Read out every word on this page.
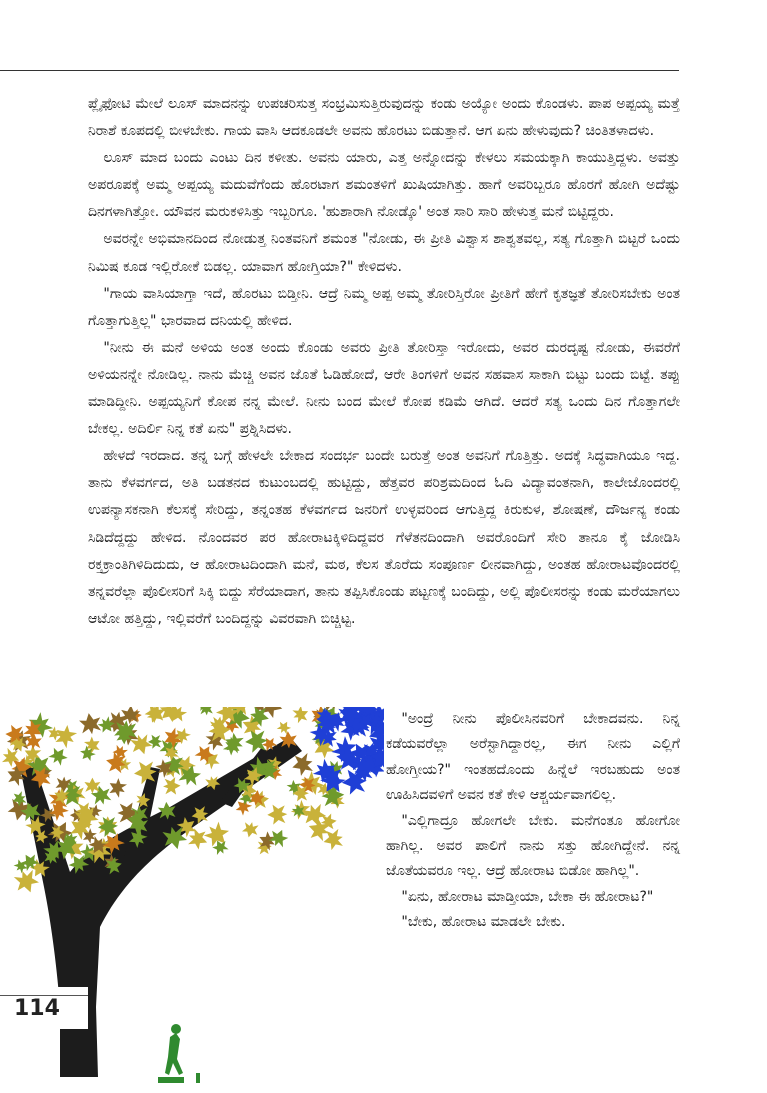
ಪ್ಲೈಫೋಟಿ ಮೇಲೆ ಲೂಸ್ ಮಾದನನ್ನು ಉಪಚರಿಸುತ್ತ ಸಂಭ್ರಮಿಸುತ್ತಿರುವುದನ್ನು ಕಂಡು ಅಯ್ಯೋ ಅಂದು ಕೊಂಡಳು. ಪಾಪ ಅಪ್ಪಯ್ಯ ಮತ್ತೆ ನಿರಾಶೆ ಕೂಪದಲ್ಲಿ ಬೀಳಬೇಕು. ಗಾಯ ವಾಸಿ ಆದಕೂಡಲೇ ಅವನು ಹೊರಟು ಬಿಡುತ್ತಾನೆ. ಆಗ ಏನು ಹೇಳುವುದು? ಚಿಂತಿತಳಾದಳು.

ಲೂಸ್ ಮಾದ ಬಂದು ಎಂಟು ದಿನ ಕಳೀತು. ಅವನು ಯಾರು, ಎತ್ತ ಅನ್ನೋದನ್ನು ಕೇಳಲು ಸಮಯಕ್ಕಾಗಿ ಕಾಯುತ್ತಿದ್ದಳು. ಅವತ್ತು ಅಪರೂಪಕ್ಕೆ ಅಮ್ಮ ಅಪ್ಪಯ್ಯ ಮದುವೆಗೆಂದು ಹೊರಟಾಗ ಶಮಂತಳಿಗೆ ಖುಷಿಯಾಗಿತ್ತು. ಹಾಗೆ ಅವರಿಬ್ಬರೂ ಹೊರಗೆ ಹೋಗಿ ಅದೆಷ್ಟು ದಿನಗಳಾಗಿತ್ತೋ. ಯೌವನ ಮರುಕಳಿಸಿತ್ತು ಇಬ್ಬರಿಗೂ. 'ಹುಶಾರಾಗಿ ನೋಡ್ಕೊ' ಅಂತ ಸಾರಿ ಸಾರಿ ಹೇಳುತ್ತ ಮನೆ ಬಿಟ್ಟಿದ್ದರು.

ಅವರನ್ನೇ ಅಭಿಮಾನದಿಂದ ನೋಡುತ್ತ ನಿಂತವನಿಗೆ ಶಮಂತ "ನೋಡು, ಈ ಪ್ರೀತಿ ವಿಶ್ವಾಸ ಶಾಶ್ವತವಲ್ಲ, ಸತ್ಯ ಗೊತ್ತಾಗಿ ಬಿಟ್ಟರೆ ಒಂದು ನಿಮಿಷ ಕೂಡ ಇಲ್ಲಿರೋಕೆ ಬಿಡಲ್ಲ. ಯಾವಾಗ ಹೋಗ್ತಿಯಾ?" ಕೇಳಿದಳು.

"ಗಾಯ ವಾಸಿಯಾಗ್ತಾ ಇದೆ, ಹೊರಟು ಬಿಡ್ತೀನಿ. ಆದ್ರೆ ನಿಮ್ಮ ಅಪ್ಪ ಅಮ್ಮ ತೋರಿಸ್ತಿರೋ ಪ್ರೀತಿಗೆ ಹೇಗೆ ಕೃತಜ್ಞತೆ ತೋರಿಸಬೇಕು ಅಂತ ಗೊತ್ತಾಗುತ್ತಿಲ್ಲ" ಭಾರವಾದ ದನಿಯಲ್ಲಿ ಹೇಳಿದ.

"ನೀನು ಈ ಮನೆ ಅಳಿಯ ಅಂತ ಅಂದು ಕೊಂಡು ಅವರು ಪ್ರೀತಿ ತೋರಿಸ್ತಾ ಇರೋದು, ಅವರ ದುರದೃಷ್ಟ ನೋಡು, ಈವರೆಗೆ ಅಳಿಯನನ್ನೇ ನೋಡಿಲ್ಲ. ನಾನು ಮೆಚ್ಚಿ ಅವನ ಜೊತೆ ಓಡಿಹೋದೆ, ಆರೇ ತಿಂಗಳಿಗೆ ಅವನ ಸಹವಾಸ ಸಾಕಾಗಿ ಬಿಟ್ಟು ಬಂದು ಬಿಟ್ಟೆ. ತಪ್ಪು ಮಾಡಿದ್ದೀನಿ. ಅಪ್ಪಯ್ಯನಿಗೆ ಕೋಪ ನನ್ನ ಮೇಲೆ. ನೀನು ಬಂದ ಮೇಲೆ ಕೋಪ ಕಡಿಮೆ ಆಗಿದೆ. ಆದರೆ ಸತ್ಯ ಒಂದು ದಿನ ಗೊತ್ತಾಗಲೇ ಬೇಕಲ್ಲ. ಅದಿರ್ಲಿ ನಿನ್ನ ಕತೆ ಏನು" ಪ್ರಶ್ನಿಸಿದಳು.

ಹೇಳದೆ ಇರದಾದ. ತನ್ನ ಬಗ್ಗೆ ಹೇಳಲೇ ಬೇಕಾದ ಸಂದರ್ಭ ಬಂದೇ ಬರುತ್ತೆ ಅಂತ ಅವನಿಗೆ ಗೊತ್ತಿತ್ತು. ಅದಕ್ಕೆ ಸಿದ್ಧವಾಗಿಯೂ ಇದ್ದ. ತಾನು ಕೆಳವರ್ಗದ, ಅತಿ ಬಡತನದ ಕುಟುಂಬದಲ್ಲಿ ಹುಟ್ಟಿದ್ದು, ಹೆತ್ತವರ ಪರಿಶ್ರಮದಿಂದ ಓದಿ ವಿದ್ಯಾವಂತನಾಗಿ, ಕಾಲೇಜೊಂದರಲ್ಲಿ ಉಪನ್ಯಾಸಕನಾಗಿ ಕೆಲಸಕ್ಕೆ ಸೇರಿದ್ದು, ತನ್ನಂತಹ ಕೆಳವರ್ಗದ ಜನರಿಗೆ ಉಳ್ಳವರಿಂದ ಆಗುತ್ತಿದ್ದ ಕಿರುಕುಳ, ಶೋಷಣೆ, ದೌರ್ಜನ್ಯ ಕಂಡು ಸಿಡಿದೆದ್ದದ್ದು ಹೇಳಿದ. ನೊಂದವರ ಪರ ಹೋರಾಟಕ್ಕಿಳಿದಿದ್ದವರ ಗೆಳೆತನದಿಂದಾಗಿ ಅವರೊಂದಿಗೆ ಸೇರಿ ತಾನೂ ಕೈ ಜೋಡಿಸಿ ರಕ್ತಕ್ರಾಂತಿಗಿಳಿದಿದುದು, ಆ ಹೋರಾಟದಿಂದಾಗಿ ಮನೆ, ಮಠ, ಕೆಲಸ ತೊರೆದು ಸಂಪೂರ್ಣ ಲೀನವಾಗಿದ್ದು, ಅಂತಹ ಹೋರಾಟವೊಂದರಲ್ಲಿ ತನ್ನವರೆಲ್ಲಾ ಪೊಲೀಸರಿಗೆ ಸಿಕ್ಕಿ ಬಿದ್ದು ಸೆರೆಯಾದಾಗ, ತಾನು ತಪ್ಪಿಸಿಕೊಂಡು ಪಟ್ಟಣಕ್ಕೆ ಬಂದಿದ್ದು, ಅಲ್ಲಿ ಪೊಲೀಸರನ್ನು ಕಂಡು ಮರೆಯಾಗಲು ಆಟೋ ಹತ್ತಿದ್ದು, ಇಲ್ಲಿವರೆಗೆ ಬಂದಿದ್ದನ್ನು ವಿವರವಾಗಿ ಬಿಚ್ಚಿಟ್ಟ.

"ಅಂದ್ರೆ ನೀನು ಪೊಲೀಸಿನವರಿಗೆ ಬೇಕಾದವನು. ನಿನ್ನ ಕಡೆಯವರೆಲ್ಲಾ ಅರೆಸ್ಟಾಗಿದ್ದಾರಲ್ಲ, ಈಗ ನೀನು ಎಲ್ಲಿಗೆ ಹೋಗ್ತೀಯ?" ಇಂತಹದೊಂದು ಹಿನ್ನೆಲೆ ಇರಬಹುದು ಅಂತ ಊಹಿಸಿದವಳಿಗೆ ಅವನ ಕತೆ ಕೇಳಿ ಆಶ್ಚರ್ಯವಾಗಲಿಲ್ಲ.

"ಎಲ್ಲಿಗಾದ್ರೂ ಹೋಗಲೇ ಬೇಕು. ಮನೆಗಂತೂ ಹೋಗೋ ಹಾಗಿಲ್ಲ. ಅವರ ಪಾಲಿಗೆ ನಾನು ಸತ್ತು ಹೋಗಿದ್ದೇನೆ. ನನ್ನ ಜೊತೆಯವರೂ ಇಲ್ಲ. ಆದ್ರೆ ಹೋರಾಟ ಬಿಡೋ ಹಾಗಿಲ್ಲ".

"ಏನು, ಹೋರಾಟ ಮಾಡ್ತೀಯಾ, ಬೇಕಾ ಈ ಹೋರಾಟ?"

"ಬೇಕು, ಹೋರಾಟ ಮಾಡಲೇ ಬೇಕು.

114
